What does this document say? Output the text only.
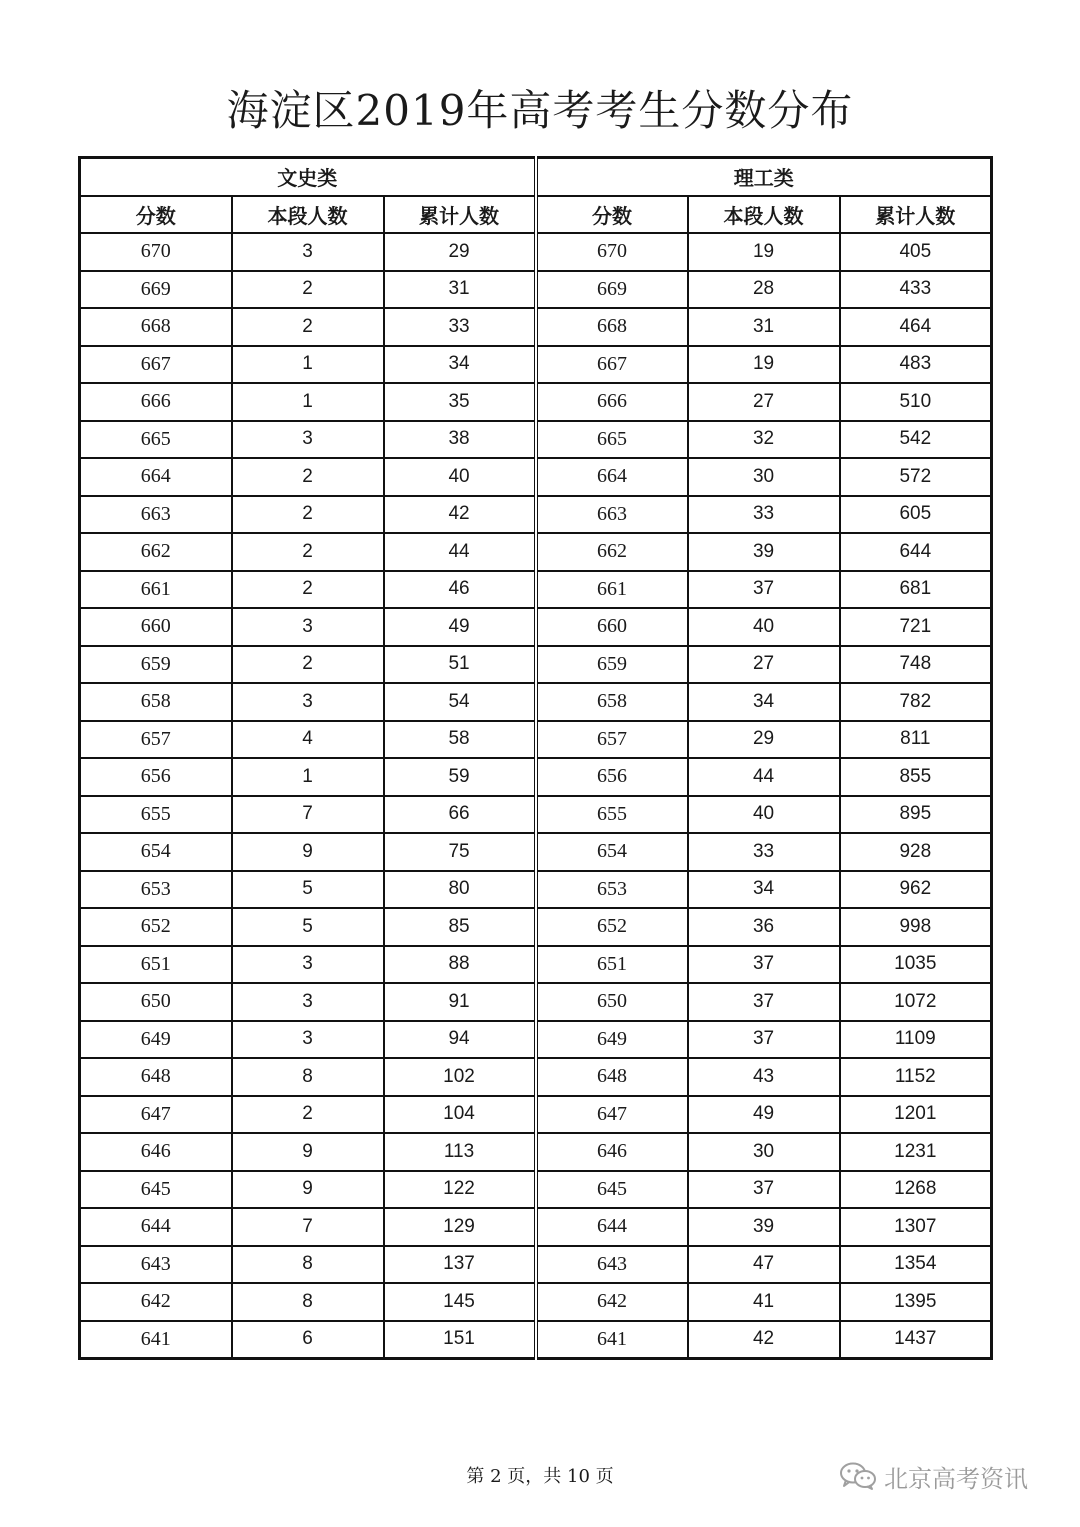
海淀区2019年高考考生分数分布
文史类			理工类		
分数	本段人数	累计人数	分数	本段人数	累计人数
670	3	29	670	19	405
669	2	31	669	28	433
668	2	33	668	31	464
667	1	34	667	19	483
666	1	35	666	27	510
665	3	38	665	32	542
664	2	40	664	30	572
663	2	42	663	33	605
662	2	44	662	39	644
661	2	46	661	37	681
660	3	49	660	40	721
659	2	51	659	27	748
658	3	54	658	34	782
657	4	58	657	29	811
656	1	59	656	44	855
655	7	66	655	40	895
654	9	75	654	33	928
653	5	80	653	34	962
652	5	85	652	36	998
651	3	88	651	37	1035
650	3	91	650	37	1072
649	3	94	649	37	1109
648	8	102	648	43	1152
647	2	104	647	49	1201
646	9	113	646	30	1231
645	9	122	645	37	1268
644	7	129	644	39	1307
643	8	137	643	47	1354
642	8	145	642	41	1395
641	6	151	641	42	1437
第 2 页，共 10 页	北京高考资讯
